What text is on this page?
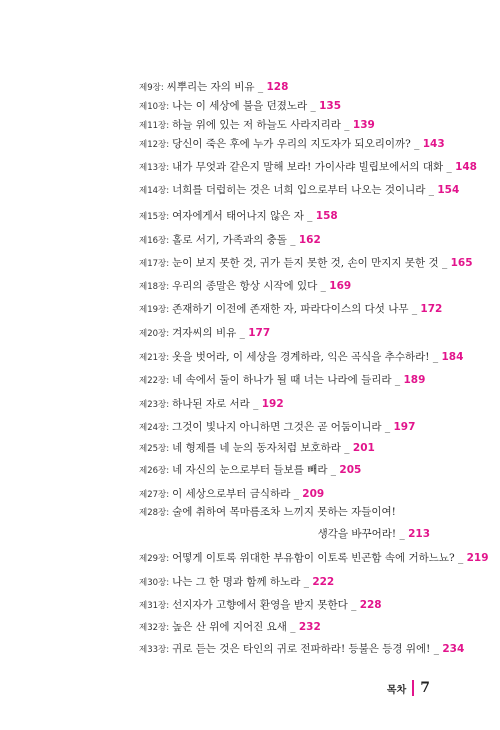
제9장: 씨뿌리는 자의 비유 _ 128
제10장: 나는 이 세상에 불을 던졌노라 _ 135
제11장: 하늘 위에 있는 저 하늘도 사라지리라 _ 139
제12장: 당신이 죽은 후에 누가 우리의 지도자가 되오리이까? _ 143
제13장: 내가 무엇과 같은지 말해 보라! 가이사랴 빌립보에서의 대화 _ 148
제14장: 너희를 더럽히는 것은 너희 입으로부터 나오는 것이니라 _ 154
제15장: 여자에게서 태어나지 않은 자 _ 158
제16장: 홀로 서기, 가족과의 충돌 _ 162
제17장: 눈이 보지 못한 것, 귀가 듣지 못한 것, 손이 만지지 못한 것 _ 165
제18장: 우리의 종말은 항상 시작에 있다 _ 169
제19장: 존재하기 이전에 존재한 자, 파라다이스의 다섯 나무 _ 172
제20장: 겨자씨의 비유 _ 177
제21장: 옷을 벗어라, 이 세상을 경계하라, 익은 곡식을 추수하라! _ 184
제22장: 네 속에서 둘이 하나가 될 때 너는 나라에 들리라 _ 189
제23장: 하나된 자로 서라 _ 192
제24장: 그것이 빛나지 아니하면 그것은 곧 어둠이니라 _ 197
제25장: 네 형제를 네 눈의 동자처럼 보호하라 _ 201
제26장: 네 자신의 눈으로부터 들보를 빼라 _ 205
제27장: 이 세상으로부터 금식하라 _ 209
제28장: 술에 취하여 목마름조차 느끼지 못하는 자들이여!
생각을 바꾸어라! _ 213
제29장: 어떻게 이토록 위대한 부유함이 이토록 빈곤함 속에 거하느뇨? _ 219
제30장: 나는 그 한 명과 함께 하노라 _ 222
제31장: 선지자가 고향에서 환영을 받지 못한다 _ 228
제32장: 높은 산 위에 지어진 요새 _ 232
제33장: 귀로 듣는 것은 타인의 귀로 전파하라! 등불은 등경 위에! _ 234
목차 7
